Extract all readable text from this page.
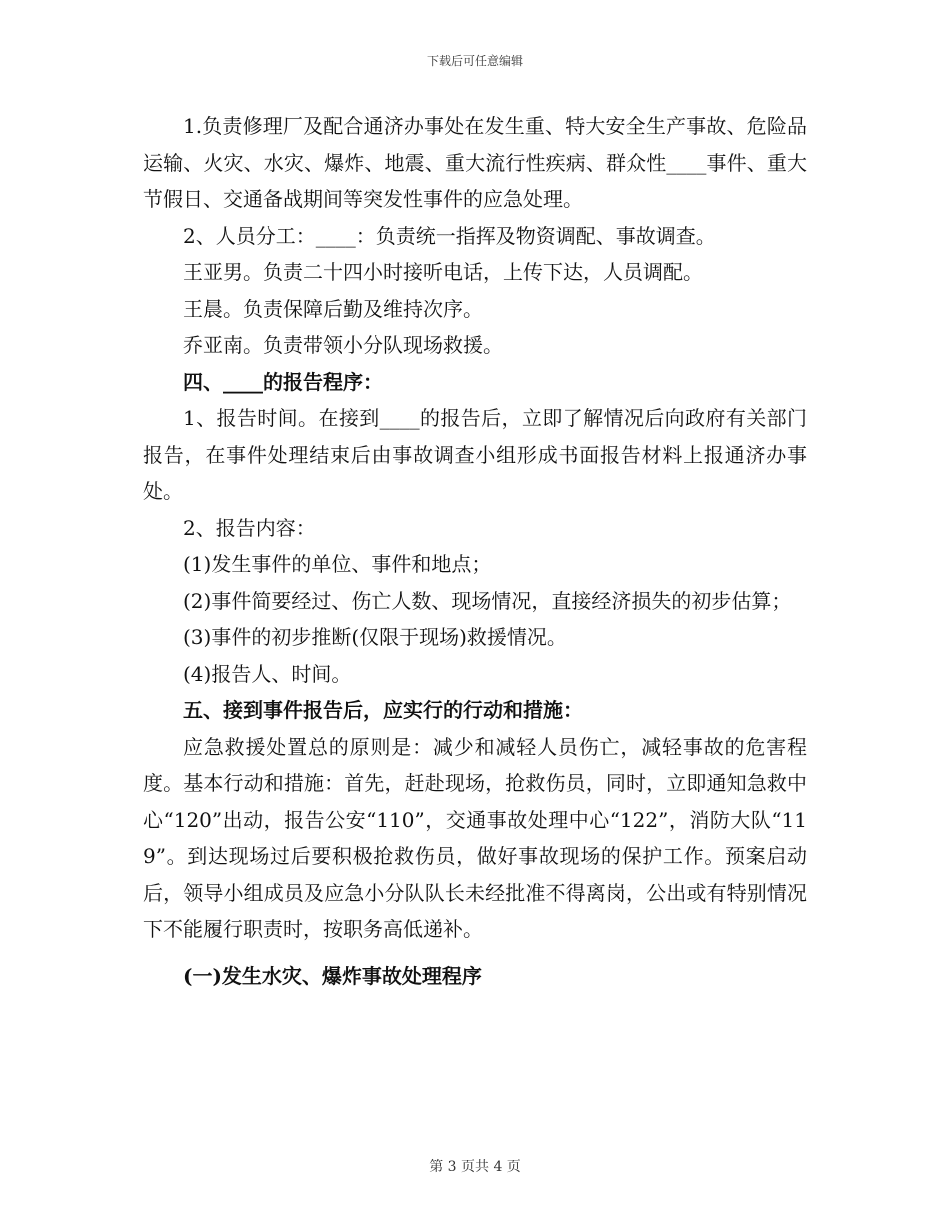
下载后可任意编辑

1.负责修理厂及配合通济办事处在发生重、特大安全生产事故、危险品运输、火灾、水灾、爆炸、地震、重大流行性疾病、群众性____事件、重大节假日、交通备战期间等突发性事件的应急处理。

2、人员分工：____：负责统一指挥及物资调配、事故调查。

王亚男。负责二十四小时接听电话，上传下达，人员调配。

王晨。负责保障后勤及维持次序。

乔亚南。负责带领小分队现场救援。

四、____的报告程序：

1、报告时间。在接到____的报告后，立即了解情况后向政府有关部门报告，在事件处理结束后由事故调查小组形成书面报告材料上报通济办事处。

2、报告内容：

(1)发生事件的单位、事件和地点；

(2)事件简要经过、伤亡人数、现场情况，直接经济损失的初步估算；

(3)事件的初步推断(仅限于现场)救援情况。

(4)报告人、时间。

五、接到事件报告后，应实行的行动和措施：

应急救援处置总的原则是：减少和减轻人员伤亡，减轻事故的危害程度。基本行动和措施：首先，赶赴现场，抢救伤员，同时，立即通知急救中心“120”出动，报告公安“110”，交通事故处理中心“122”，消防大队“119”。到达现场过后要积极抢救伤员，做好事故现场的保护工作。预案启动后，领导小组成员及应急小分队队长未经批准不得离岗，公出或有特别情况下不能履行职责时，按职务高低递补。

(一)发生水灾、爆炸事故处理程序

第 3 页共 4 页
